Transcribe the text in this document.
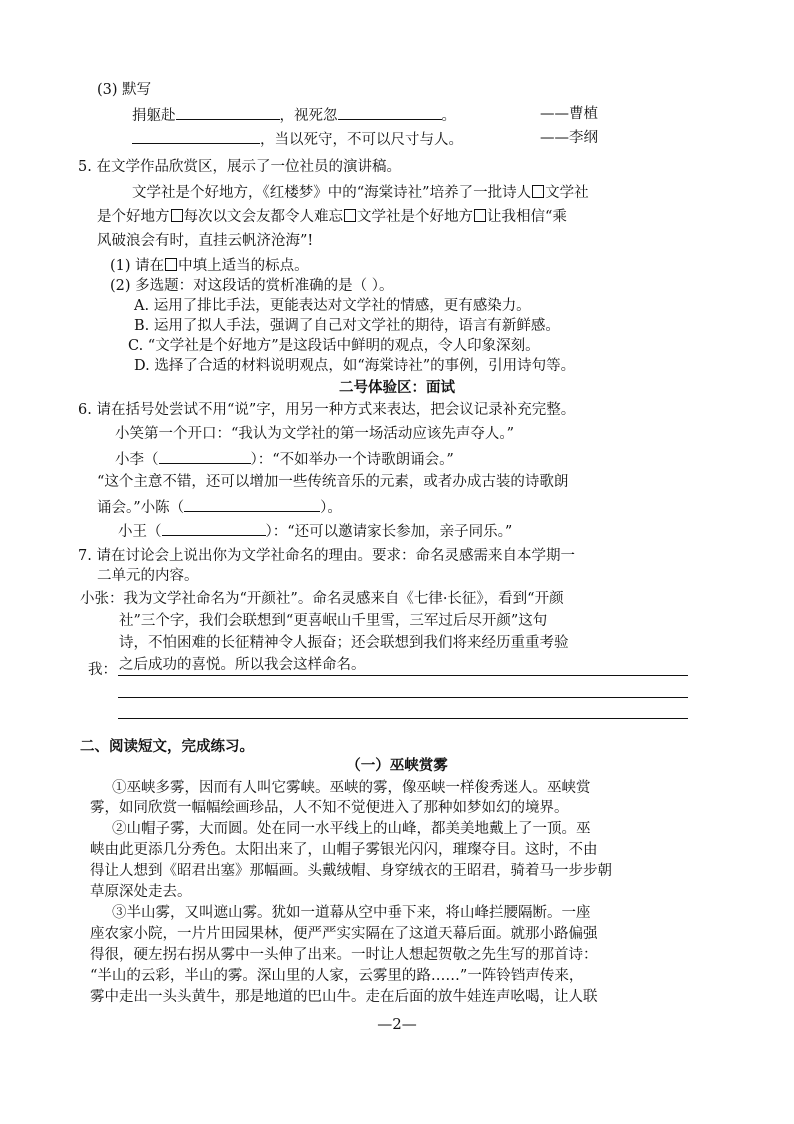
(3) 默写
捐躯赴	，视死忽	。	——曹植
，当以死守，不可以尺寸与人。	——李纲
5. 在文学作品欣赏区，展示了一位社员的演讲稿。
文学社是个好地方，《红楼梦》中的“海棠诗社”培养了一批诗人 文学社
是个好地方 每次以文会友都令人难忘 文学社是个好地方 让我相信“乘
风破浪会有时，直挂云帆济沧海”!
(1) 请在 中填上适当的标点。
(2) 多选题：对这段话的赏析准确的是（ ）。
A. 运用了排比手法，更能表达对文学社的情感，更有感染力。
B. 运用了拟人手法，强调了自己对文学社的期待，语言有新鲜感。
C. “文学社是个好地方”是这段话中鲜明的观点，令人印象深刻。
D. 选择了合适的材料说明观点，如“海棠诗社”的事例，引用诗句等。
二号体验区：面试
6. 请在括号处尝试不用“说”字，用另一种方式来表达，把会议记录补充完整。
小笑第一个开口：“我认为文学社的第一场活动应该先声夺人。”
小李（	）：“不如举办一个诗歌朗诵会。”
“这个主意不错，还可以增加一些传统音乐的元素，或者办成古装的诗歌朗
诵会。”小陈（	）。
小王（	）：“还可以邀请家长参加，亲子同乐。”
7. 请在讨论会上说出你为文学社命名的理由。要求：命名灵感需来自本学期一
二单元的内容。
小张：我为文学社命名为“开颜社”。命名灵感来自《七律·长征》，看到“开颜
社”三个字，我们会联想到“更喜岷山千里雪，三军过后尽开颜”这句
诗，不怕困难的长征精神令人振奋；还会联想到我们将来经历重重考验
之后成功的喜悦。所以我会这样命名。
我：
二、阅读短文，完成练习。
（一）巫峡赏雾
①巫峡多雾，因而有人叫它雾峡。巫峡的雾，像巫峡一样俊秀迷人。巫峡赏
雾，如同欣赏一幅幅绘画珍品，人不知不觉便进入了那种如梦如幻的境界。
②山帽子雾，大而圆。处在同一水平线上的山峰，都美美地戴上了一顶。巫
峡由此更添几分秀色。太阳出来了，山帽子雾银光闪闪，璀璨夺目。这时，不由
得让人想到《昭君出塞》那幅画。头戴绒帽、身穿绒衣的王昭君，骑着马一步步朝
草原深处走去。
③半山雾，又叫遮山雾。犹如一道幕从空中垂下来，将山峰拦腰隔断。一座
座农家小院，一片片田园果林，便严严实实隔在了这道天幕后面。就那小路偏强
得很，硬左拐右拐从雾中一头伸了出来。一时让人想起贺敬之先生写的那首诗：
“半山的云彩，半山的雾。深山里的人家，云雾里的路……”一阵铃铛声传来，
雾中走出一头头黄牛，那是地道的巴山牛。走在后面的放牛娃连声吆喝，让人联
—2—
